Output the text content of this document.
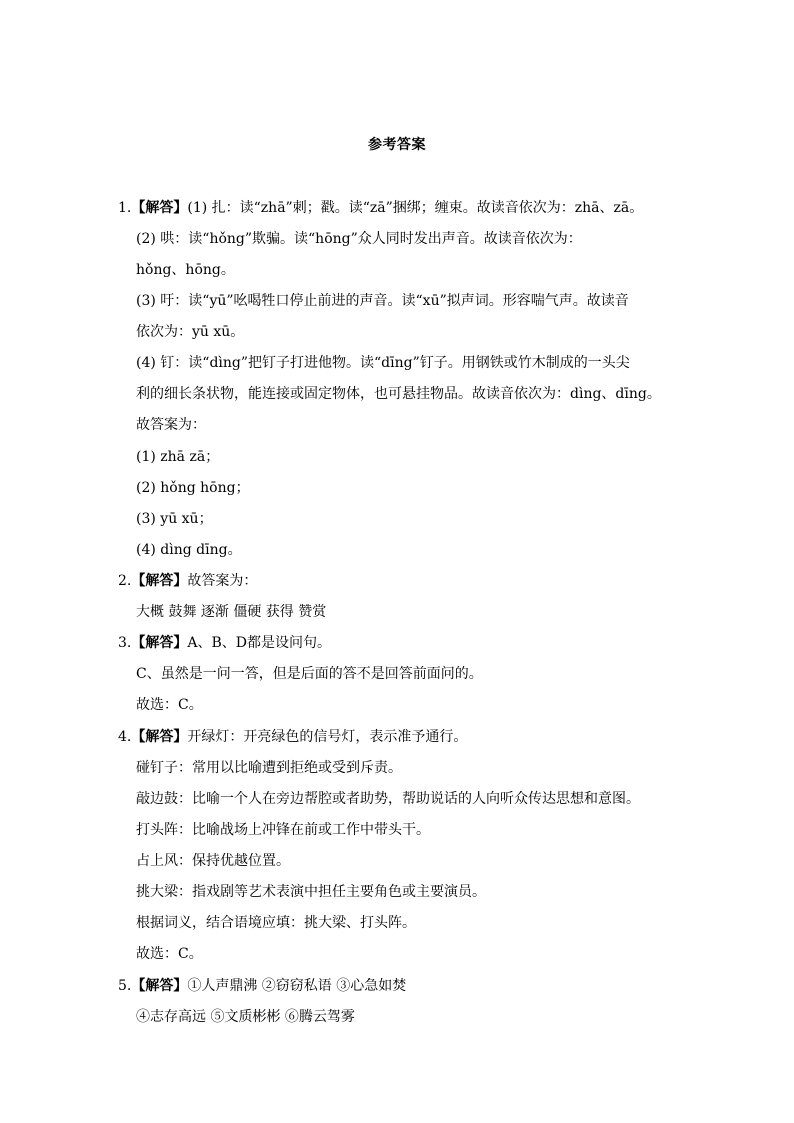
参考答案
1.【解答】(1) 扎：读“zhā”刺；戳。读“zā”捆绑；缠束。故读音依次为：zhā、zā。
(2) 哄：读“hǒng”欺骗。读“hōng”众人同时发出声音。故读音依次为：
hǒng、hōng。
(3) 吁：读“yū”吆喝牲口停止前进的声音。读“xū”拟声词。形容喘气声。故读音
依次为：yū xū。
(4) 钉：读“dìng”把钉子打进他物。读“dīng”钉子。用钢铁或竹木制成的一头尖
利的细长条状物，能连接或固定物体，也可悬挂物品。故读音依次为：dìng、dīng。
故答案为：
(1) zhā zā；
(2) hǒng hōng；
(3) yū xū；
(4) dìng dīng。
2.【解答】故答案为：
大概 鼓舞 逐渐 僵硬 获得 赞赏
3.【解答】A、B、D都是设问句。
C、虽然是一问一答，但是后面的答不是回答前面问的。
故选：C。
4.【解答】开绿灯：开亮绿色的信号灯，表示准予通行。
碰钉子：常用以比喻遭到拒绝或受到斥责。
敲边鼓：比喻一个人在旁边帮腔或者助势，帮助说话的人向听众传达思想和意图。
打头阵：比喻战场上冲锋在前或工作中带头干。
占上风：保持优越位置。
挑大梁：指戏剧等艺术表演中担任主要角色或主要演员。
根据词义，结合语境应填：挑大梁、打头阵。
故选：C。
5.【解答】①人声鼎沸 ②窃窃私语 ③心急如焚
④志存高远 ⑤文质彬彬 ⑥腾云驾雾
